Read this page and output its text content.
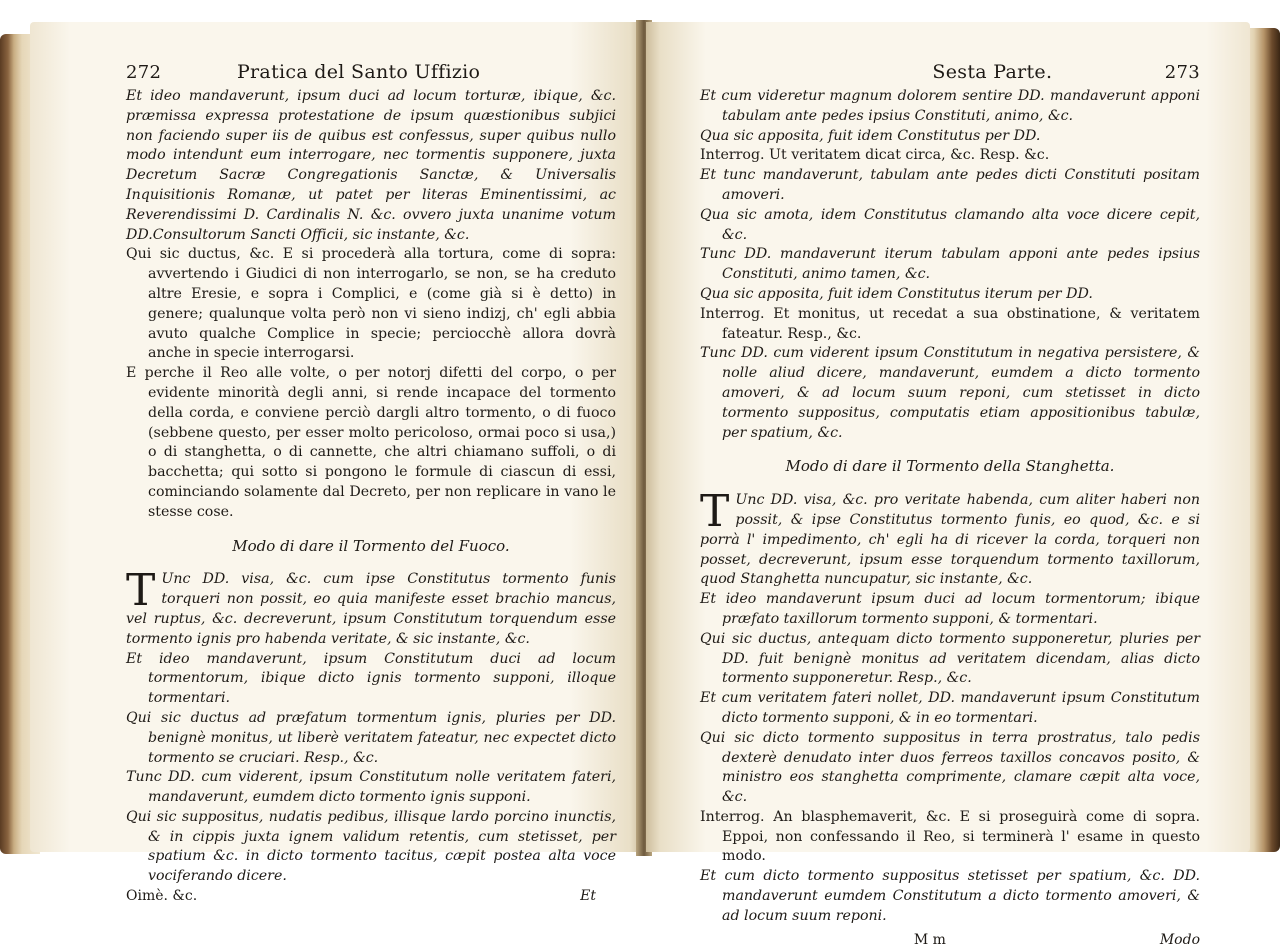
272	Pratica del Santo Uffizio

Et ideo mandaverunt, ipsum duci ad locum torturæ, ibique, &c. præmissa expressa protestatione de ipsum quæstionibus subjici non faciendo super iis de quibus est confessus, super quibus nullo modo intendunt eum interrogare, nec tormentis supponere, juxta Decretum Sacræ Congregationis Sanctæ, & Universalis Inquisitionis Romanæ, ut patet per literas Eminentissimi, ac Reverendissimi D. Cardinalis N. &c. ovvero juxta unanime votum DD.Consultorum Sancti Officii, sic instante, &c.

Qui sic ductus, &c. E si procederà alla tortura, come di sopra: avvertendo i Giudici di non interrogarlo, se non, se ha creduto altre Eresie, e sopra i Complici, e (come già si è detto) in genere; qualunque volta però non vi sieno indizj, ch' egli abbia avuto qualche Complice in specie; perciocchè allora dovrà anche in specie interrogarsi.

E perche il Reo alle volte, o per notorj difetti del corpo, o per evidente minorità degli anni, si rende incapace del tormento della corda, e conviene perciò dargli altro tormento, o di fuoco (sebbene questo, per esser molto pericoloso, ormai poco si usa,) o di stanghetta, o di cannette, che altri chiamano suffoli, o di bacchetta; qui sotto si pongono le formule di ciascun di essi, cominciando solamente dal Decreto, per non replicare in vano le stesse cose.

Modo di dare il Tormento del Fuoco.

T Unc DD. visa, &c. cum ipse Constitutus tormento funis torqueri non possit, eo quia manifeste esset brachio mancus, vel ruptus, &c. decreverunt, ipsum Constitutum torquendum esse tormento ignis pro habenda veritate, & sic instante, &c.

Et ideo mandaverunt, ipsum Constitutum duci ad locum tormentorum, ibique dicto ignis tormento supponi, illoque tormentari.

Qui sic ductus ad præfatum tormentum ignis, pluries per DD. benignè monitus, ut liberè veritatem fateatur, nec expectet dicto tormento se cruciari. Resp., &c.

Tunc DD. cum viderent, ipsum Constitutum nolle veritatem fateri, mandaverunt, eumdem dicto tormento ignis supponi.

Qui sic suppositus, nudatis pedibus, illisque lardo porcino inunctis, & in cippis juxta ignem validum retentis, cum stetisset, per spatium &c. in dicto tormento tacitus, cæpit postea alta voce vociferando dicere.

Oimè. &c.	Et
Sesta Parte.	273

Et cum videretur magnum dolorem sentire DD. mandaverunt apponi tabulam ante pedes ipsius Constituti, animo, &c.

Qua sic apposita, fuit idem Constitutus per DD.

Interrog. Ut veritatem dicat circa, &c. Resp. &c.

Et tunc mandaverunt, tabulam ante pedes dicti Constituti positam amoveri.

Qua sic amota, idem Constitutus clamando alta voce dicere cepit, &c.

Tunc DD. mandaverunt iterum tabulam apponi ante pedes ipsius Constituti, animo tamen, &c.

Qua sic apposita, fuit idem Constitutus iterum per DD.

Interrog. Et monitus, ut recedat a sua obstinatione, & veritatem fateatur. Resp., &c.

Tunc DD. cum viderent ipsum Constitutum in negativa persistere, & nolle aliud dicere, mandaverunt, eumdem a dicto tormento amoveri, & ad locum suum reponi, cum stetisset in dicto tormento suppositus, computatis etiam appositionibus tabulæ, per spatium, &c.

Modo di dare il Tormento della Stanghetta.

T Unc DD. visa, &c. pro veritate habenda, cum aliter haberi non possit, & ipse Constitutus tormento funis, eo quod, &c. e si porrà l' impedimento, ch' egli ha di ricever la corda, torqueri non posset, decreverunt, ipsum esse torquendum tormento taxillorum, quod Stanghetta nuncupatur, sic instante, &c.

Et ideo mandaverunt ipsum duci ad locum tormentorum; ibique præfato taxillorum tormento supponi, & tormentari.

Qui sic ductus, antequam dicto tormento supponeretur, pluries per DD. fuit benignè monitus ad veritatem dicendam, alias dicto tormento supponeretur. Resp., &c.

Et cum veritatem fateri nollet, DD. mandaverunt ipsum Constitutum dicto tormento supponi, & in eo tormentari.

Qui sic dicto tormento suppositus in terra prostratus, talo pedis dexterè denudato inter duos ferreos taxillos concavos posito, & ministro eos stanghetta comprimente, clamare cæpit alta voce, &c.

Interrog. An blasphemaverit, &c. E si proseguirà come di sopra. Eppoi, non confessando il Reo, si terminerà l' esame in questo modo.

Et cum dicto tormento suppositus stetisset per spatium, &c. DD. mandaverunt eumdem Constitutum a dicto tormento amoveri, & ad locum suum reponi.

M m	Modo
